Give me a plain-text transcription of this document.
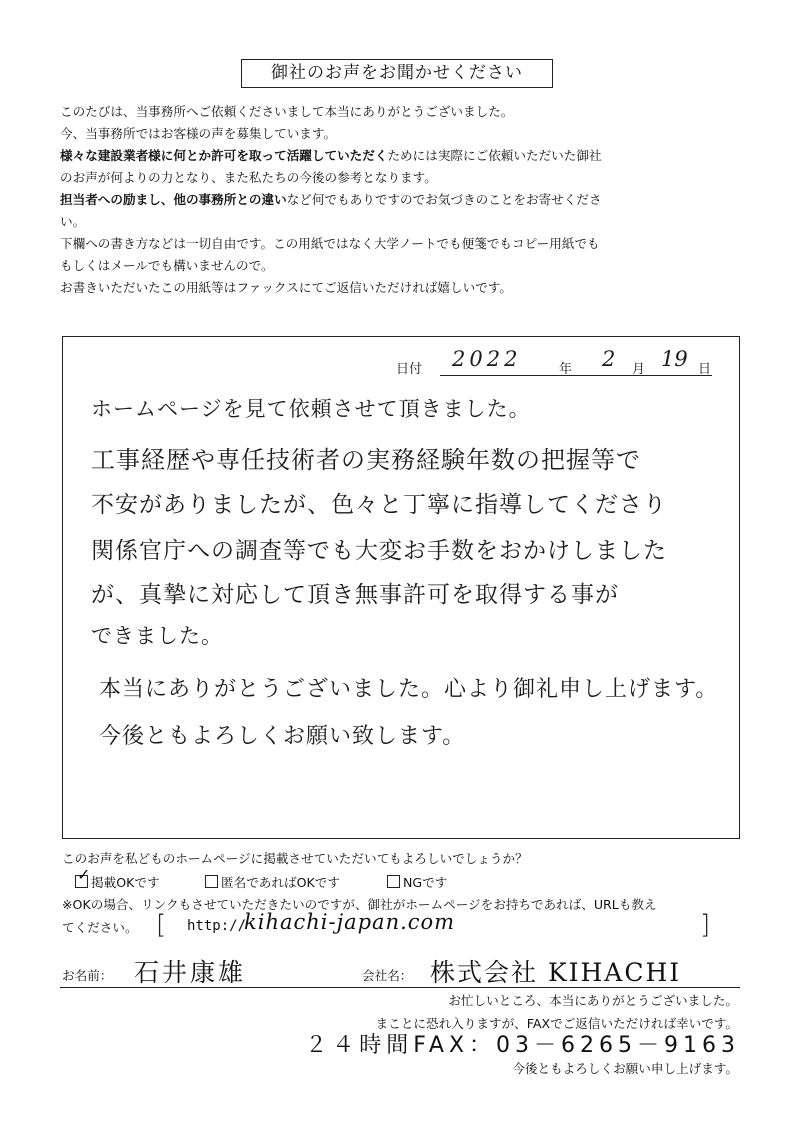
御社のお声をお聞かせください

このたびは、当事務所へご依頼くださいまして本当にありがとうございました。

今、当事務所ではお客様の声を募集しています。

様々な建設業者様に何とか許可を取って活躍していただくためには実際にご依頼いただいた御社

のお声が何よりの力となり、また私たちの今後の参考となります。

担当者への励まし、他の事務所との違いなど何でもありですのでお気づきのことをお寄せくださ

い。

下欄への書き方などは一切自由です。この用紙ではなく大学ノートでも便箋でもコピー用紙でも

もしくはメールでも構いませんので。

お書きいただいたこの用紙等はファックスにてご返信いただければ嬉しいです。

日付 2022	年 2 月 19 日
ホームページを見て依頼させて頂きました。
工事経歴や専任技術者の実務経験年数の把握等で
不安がありましたが、色々と丁寧に指導してくださり
関係官庁への調査等でも大変お手数をおかけしました
が、真摯に対応して頂き無事許可を取得する事が
できました。
本当にありがとうございました。心より御礼申し上げます。
今後ともよろしくお願い致します。
このお声を私どものホームページに掲載させていただいてもよろしいでしょうか？
✓ 掲載OKです	匿名であればOKです	NGです
※OKの場合、リンクもさせていただきたいのですが、御社がホームページをお持ちであれば、URLも教え
てください。 [ http://
kihachi-japan.com	]
お名前： 石井康雄	会社名： 株式会社 KIHACHI
お忙しいところ、本当にありがとうございました。
まことに恐れ入りますが、FAXでご返信いただければ幸いです。
２４時間FAX：03－6265－9163
今後ともよろしくお願い申し上げます。
